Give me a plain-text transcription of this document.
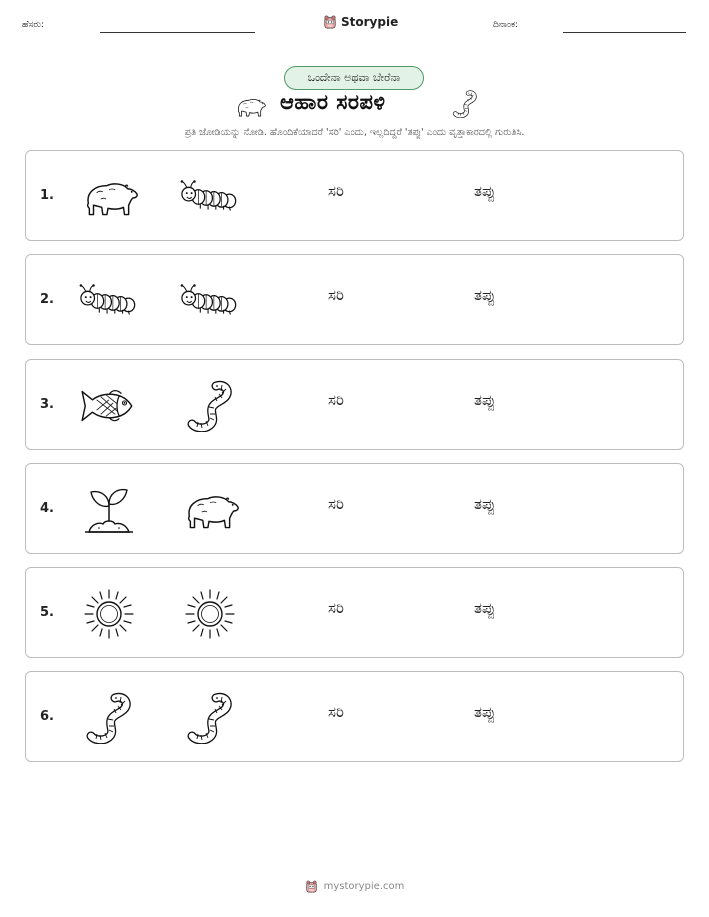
ಹೆಸರು:	Storypie	ದಿನಾಂಕ:
ಒಂದೇನಾ ಅಥವಾ ಬೇರೆನಾ
ಆಹಾರ ಸರಪಳಿ
ಪ್ರತಿ ಜೋಡಿಯನ್ನು ನೋಡಿ. ಹೊಂದಿಕೆಯಾದರೆ 'ಸರಿ' ಎಂದು, ಇಲ್ಲದಿದ್ದರೆ 'ತಪ್ಪು' ಎಂದು ವೃತ್ತಾಕಾರದಲ್ಲಿ ಗುರುತಿಸಿ.
1.	ಸರಿ	ತಪ್ಪು
2.	ಸರಿ	ತಪ್ಪು
3.	ಸರಿ	ತಪ್ಪು
4.	ಸರಿ	ತಪ್ಪು
5.	ಸರಿ	ತಪ್ಪು
6.	ಸರಿ	ತಪ್ಪು
mystorypie.com
